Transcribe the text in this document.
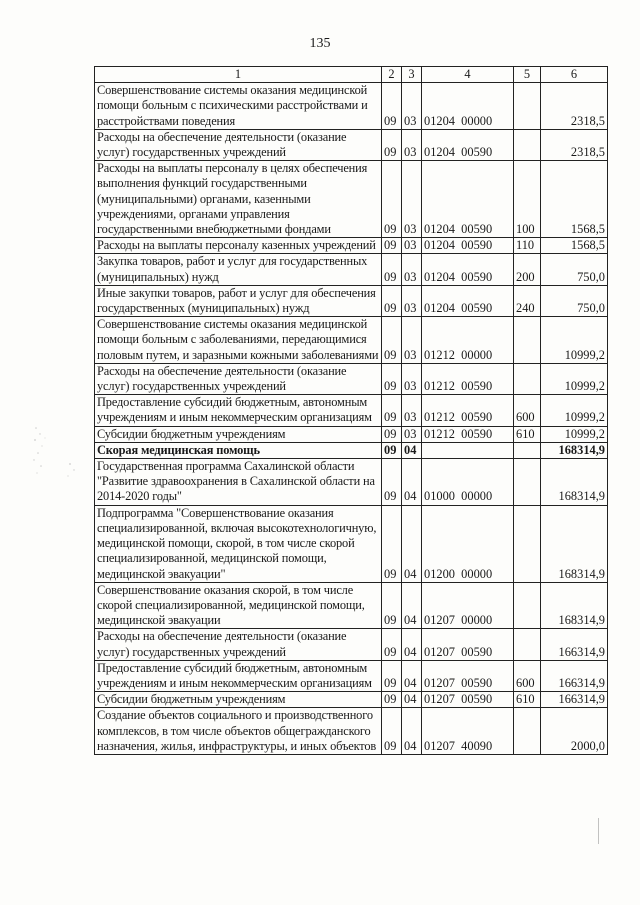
135
1	2	3	4	5	6
Совершенствование системы оказания медицинской помощи больным с психическими расстройствами и расстройствами поведения	09	03	01204  00000		2318,5
Расходы на обеспечение деятельности (оказание услуг) государственных учреждений	09	03	01204  00590		2318,5
Расходы на выплаты персоналу в целях обеспечения выполнения функций государственными (муниципальными) органами, казенными учреждениями, органами управления государственными внебюджетными фондами	09	03	01204  00590	100	1568,5
Расходы на выплаты персоналу казенных учреждений	09	03	01204  00590	110	1568,5
Закупка товаров, работ и услуг для государственных (муниципальных) нужд	09	03	01204  00590	200	750,0
Иные закупки товаров, работ и услуг для обеспечения государственных (муниципальных) нужд	09	03	01204  00590	240	750,0
Совершенствование системы оказания медицинской помощи больным с заболеваниями, передающимися половым путем, и заразными кожными заболеваниями	09	03	01212  00000		10999,2
Расходы на обеспечение деятельности (оказание услуг) государственных учреждений	09	03	01212  00590		10999,2
Предоставление субсидий бюджетным, автономным учреждениям и иным некоммерческим организациям	09	03	01212  00590	600	10999,2
Субсидии бюджетным учреждениям	09	03	01212  00590	610	10999,2
Скорая медицинская помощь	09	04			168314,9
Государственная программа Сахалинской области "Развитие здравоохранения в Сахалинской области на 2014-2020 годы"	09	04	01000  00000		168314,9
Подпрограмма "Совершенствование оказания специализированной, включая высокотехнологичную, медицинской помощи, скорой, в том числе скорой специализированной, медицинской помощи, медицинской эвакуации"	09	04	01200  00000		168314,9
Совершенствование оказания скорой, в том числе скорой специализированной, медицинской помощи, медицинской эвакуации	09	04	01207  00000		168314,9
Расходы на обеспечение деятельности (оказание услуг) государственных учреждений	09	04	01207  00590		166314,9
Предоставление субсидий бюджетным, автономным учреждениям и иным некоммерческим организациям	09	04	01207  00590	600	166314,9
Субсидии бюджетным учреждениям	09	04	01207  00590	610	166314,9
Создание объектов социального и производственного комплексов, в том числе объектов общегражданского назначения, жилья, инфраструктуры, и иных объектов	09	04	01207  40090		2000,0
